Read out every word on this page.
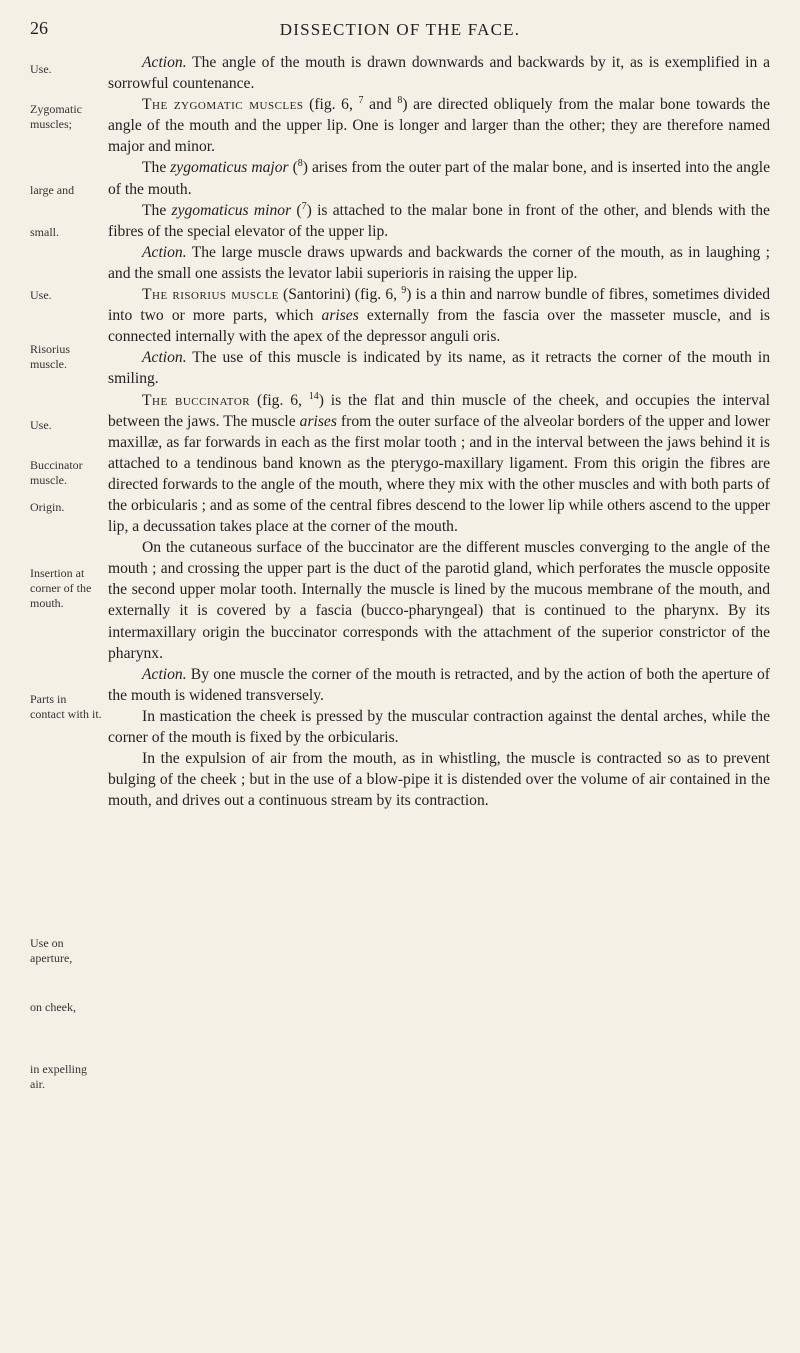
26	DISSECTION OF THE FACE.
Use.
Zygomatic muscles;
large and
small.
Use.
Risorius muscle.
Use.
Buccinator muscle.
Origin.
Insertion at corner of the mouth.
Parts in contact with it.
Use on aperture,
on cheek,
in expelling air.

Action. The angle of the mouth is drawn downwards and backwards by it, as is exemplified in a sorrowful countenance.

The zygomatic muscles (fig. 6, $^7$ and $^8$) are directed obliquely from the malar bone towards the angle of the mouth and the upper lip. One is longer and larger than the other; they are therefore named major and minor.

The zygomaticus major ($^8$) arises from the outer part of the malar bone, and is inserted into the angle of the mouth.

The zygomaticus minor ($^7$) is attached to the malar bone in front of the other, and blends with the fibres of the special elevator of the upper lip.

Action. The large muscle draws upwards and backwards the corner of the mouth, as in laughing ; and the small one assists the levator labii superioris in raising the upper lip.

The risorius muscle (Santorini) (fig. 6, $^9$) is a thin and narrow bundle of fibres, sometimes divided into two or more parts, which arises externally from the fascia over the masseter muscle, and is connected internally with the apex of the depressor anguli oris.

Action. The use of this muscle is indicated by its name, as it retracts the corner of the mouth in smiling.

The buccinator (fig. 6, $^{14}$) is the flat and thin muscle of the cheek, and occupies the interval between the jaws. The muscle arises from the outer surface of the alveolar borders of the upper and lower maxillæ, as far forwards in each as the first molar tooth ; and in the interval between the jaws behind it is attached to a tendinous band known as the pterygo-maxillary ligament. From this origin the fibres are directed forwards to the angle of the mouth, where they mix with the other muscles and with both parts of the orbicularis ; and as some of the central fibres descend to the lower lip while others ascend to the upper lip, a decussation takes place at the corner of the mouth.

On the cutaneous surface of the buccinator are the different muscles converging to the angle of the mouth ; and crossing the upper part is the duct of the parotid gland, which perforates the muscle opposite the second upper molar tooth. Internally the muscle is lined by the mucous membrane of the mouth, and externally it is covered by a fascia (bucco-pharyngeal) that is continued to the pharynx. By its intermaxillary origin the buccinator corresponds with the attachment of the superior constrictor of the pharynx.

Action. By one muscle the corner of the mouth is retracted, and by the action of both the aperture of the mouth is widened transversely.

In mastication the cheek is pressed by the muscular contraction against the dental arches, while the corner of the mouth is fixed by the orbicularis.

In the expulsion of air from the mouth, as in whistling, the muscle is contracted so as to prevent bulging of the cheek ; but in the use of a blow-pipe it is distended over the volume of air contained in the mouth, and drives out a continuous stream by its contraction.
